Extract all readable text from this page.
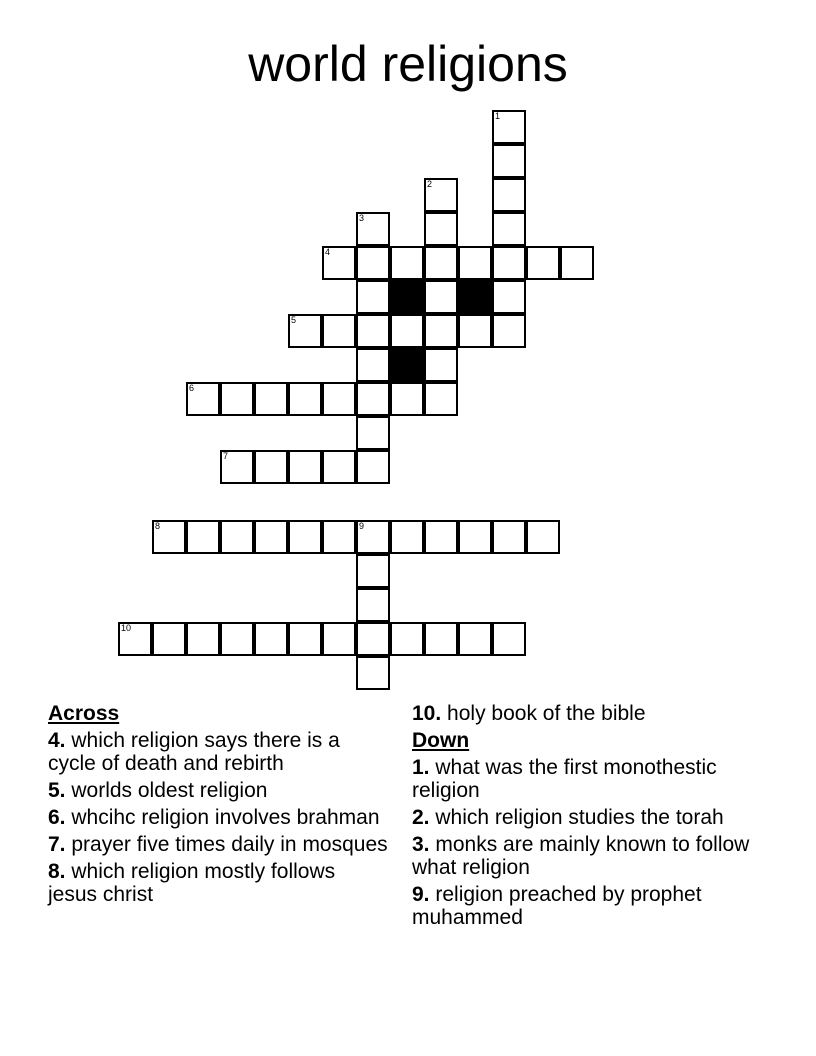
world religions
1
2
3
4
5
6
7
8	9
10
Across
4. which religion says there is a cycle of death and rebirth
5. worlds oldest religion
6. whcihc religion involves brahman
7. prayer five times daily in mosques
8. which religion mostly follows jesus christ
10. holy book of the bible
Down
1. what was the first monothestic religion
2. which religion studies the torah
3. monks are mainly known to follow what religion
9. religion preached by prophet muhammed
